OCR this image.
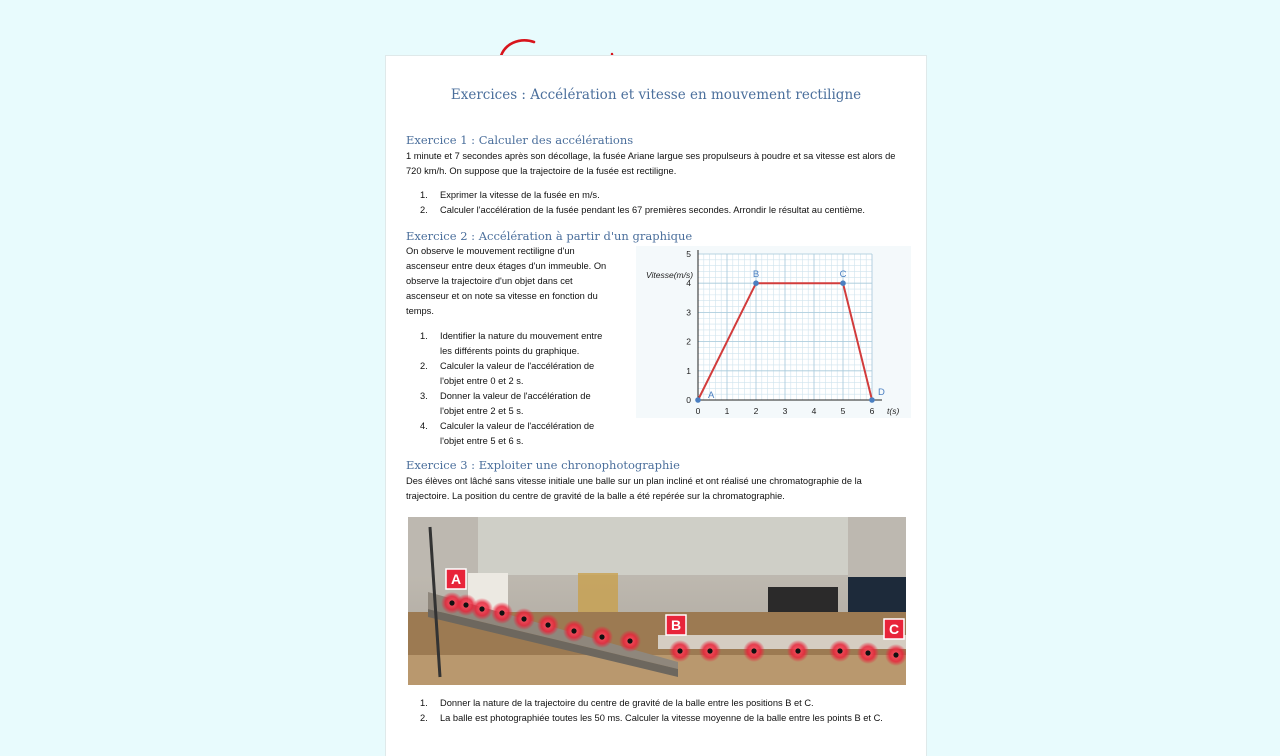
Exercices : Accélération et vitesse en mouvement rectiligne
Exercice 1 : Calculer des accélérations
1 minute et 7 secondes après son décollage, la fusée Ariane largue ses propulseurs à poudre et sa vitesse est alors de
720 km/h. On suppose que la trajectoire de la fusée est rectiligne.
1. Exprimer la vitesse de la fusée en m/s.
2. Calculer l'accélération de la fusée pendant les 67 premières secondes. Arrondir le résultat au centième.
Exercice 2 : Accélération à partir d'un graphique
On observe le mouvement rectiligne d'un
ascenseur entre deux étages d'un immeuble. On
observe la trajectoire d'un objet dans cet
ascenseur et on note sa vitesse en fonction du
temps.
1. Identifier la nature du mouvement entre
les différents points du graphique.
2. Calculer la valeur de l'accélération de
l'objet entre 0 et 2 s.
3. Donner la valeur de l'accélération de
l'objet entre 2 et 5 s.
4. Calculer la valeur de l'accélération de
l'objet entre 5 et 6 s.
0	1	2	3	4	5	6
0
1
2
3
4
5
Vitesse(m/s)
t(s)
A
B	C
D
Exercice 3 : Exploiter une chronophotographie
Des élèves ont lâché sans vitesse initiale une balle sur un plan incliné et ont réalisé une chromatographie de la
trajectoire. La position du centre de gravité de la balle a été repérée sur la chromatographie.
A
B	C
1. Donner la nature de la trajectoire du centre de gravité de la balle entre les positions B et C.
2. La balle est photographiée toutes les 50 ms. Calculer la vitesse moyenne de la balle entre les points B et C.
